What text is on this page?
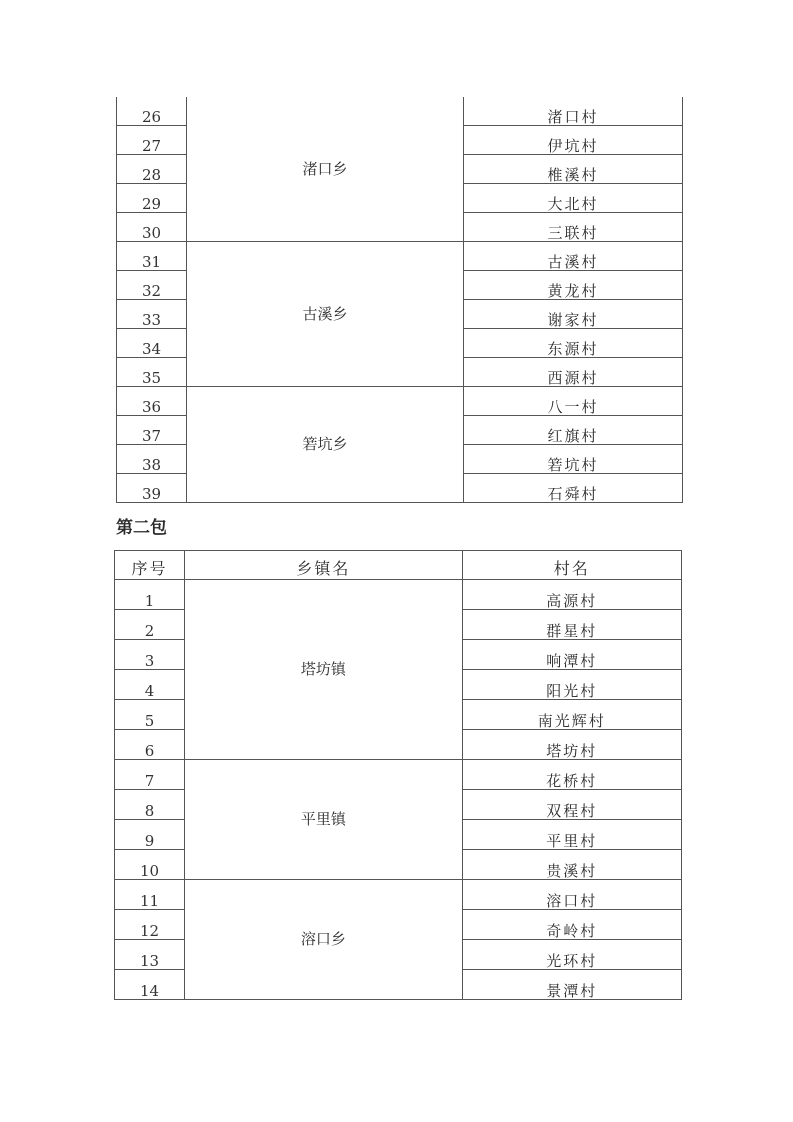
26	渚口乡	渚口村
27		伊坑村
28		椎溪村
29		大北村
30		三联村
31	古溪乡	古溪村
32		黄龙村
33		谢家村
34		东源村
35		西源村
36	箬坑乡	八一村
37		红旗村
38		箬坑村
39		石舜村
第二包
序号	乡镇名	村名
1	塔坊镇	高源村
2		群星村
3		响潭村
4		阳光村
5		南光辉村
6		塔坊村
7	平里镇	花桥村
8		双程村
9		平里村
10		贵溪村
11	溶口乡	溶口村
12		奇岭村
13		光环村
14		景潭村
